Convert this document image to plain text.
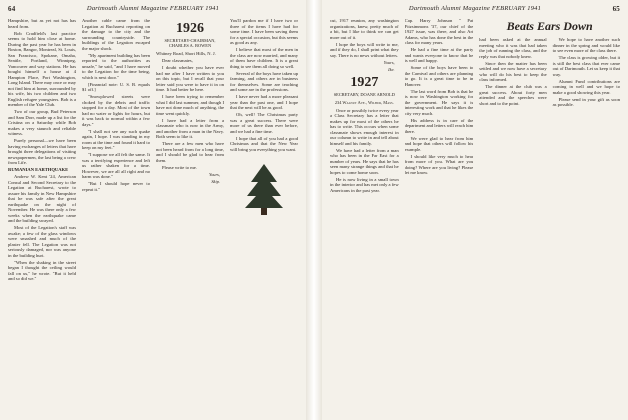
64	Dartmouth Alumni Magazine FEBRUARY 1941

Hampshire, but as yet not has has heard from.

Bob Cradfield's last practice seems to hold him close at home. During the past year he has been in Boston, Bangor, Montreal, St. Louis, San Francisco, Spokane, Omaha, Seattle, Portland, Winnipeg, Vancouver and way stations. He has bought himself a house at 4 Hampton Place, Port Washington, Long Island. There may once or may not find him at home, surrounded by his wife, his two children and two English refugee youngsters. Bob is a member of the Yale Club.

Two of our group, Bud Peterson and Sam Dorr, made up a list for the Cristina on a Saturday while Bob makes a very staunch and reliable witness.

Purely personal—we have been having exchanges of letters that have brought three delegations of visiting newspapermen, the last being a crew from Life.

RUMANIAN EARTHQUAKE

Andrew W. Kent '24, American Consul and Second Secretary to the Legation at Bucharest, wrote to assure his family in New Hampshire that he was safe after the great earthquake on the night of November. He was there only a few weeks when the earthquake came and the building swayed.

Most of the Legation's staff was awake; a few of the glass windows were smashed and much of the plaster fell. The Legation was not seriously damaged, nor was anyone in the building hurt.

"When the shaking in the street began I thought the ceiling would fall on us," he wrote. "But it held and so did we."

Another cable came from the Legation at Bucharest reporting on the damage to the city and the surrounding countryside. The buildings of the Legation escaped the major shock.

"My apartment building has been reported to the authorities as unsafe," he said, "and I have moved to the Legation for the time being, which is next door."

[Financial note: U. S. B. equals $1 off.]

"Snowplowed streets were choked by the debris and traffic stopped for a day. Most of the town had no water or lights for hours, but it was back to normal within a few days."

"I shall not see any such quake again, I hope. I was standing in my room at the time and found it hard to keep on my feet."

"I suppose we all felt the same. It was a terrifying experience and left us rather shaken for a time. However, we are all all right and no harm was done."

"But I should hope never to repeat it."

1926
SECRETARY-CHAIRMAN, CHARLES A. BOWEN

Whitney Road, Short Hills, N. J.

Dear classmates,

I doubt whether you have ever had me after I have written to you on this topic, but I recall that your letter said you were to have it in on time. It had better be here.

I have been trying to remember what I did last summer, and though I have not done much of anything, the time went quickly.

I have had a letter from a classmate who is now in the Army, and another from a man in the Navy. Both seem to like it.

There are a few men who have not been heard from for a long time, and I should be glad to hear from them.

Please write to me.

Yours,
Skip.

You'll pardon me if I have two or three of the items I have had for some time. I have been saving them for a special occasion, but this seems as good as any.

I believe that most of the men in the class are now married, and many of them have children. It is a great thing to see them all doing so well.

Several of the boys have taken up farming, and others are in business for themselves. Some are teaching and some are in the professions.

I have never had a more pleasant year than the past one, and I hope that the next will be as good.

Oh, well! The Christmas party was a great success. There were more of us there than ever before, and we had a fine time.

I hope that all of you had a good Christmas and that the New Year will bring you everything you want.

Dartmouth Alumni Magazine FEBRUARY 1941	65

cut, 1917 reunion, any washington organizations, knew, pretty much of a bit, but I like to think we can get more out of it.

I hope the boys will write to me, and if they do, I shall print what they say. There is no news without letters.

Yours,
Ike.
1927
SECRETARY, DOANE ARNOLD
234 Walnut Ave., Wilbur, Mass.

Once or possibly twice every year a Class Secretary has a letter that makes up for most of the others he has to write. This occurs when some classmate shows enough interest in our column to write in and tell about himself and his family.

We have had a letter from a man who has been in the Far East for a number of years. He says that he has seen many strange things and that he hopes to come home soon.

He is now living in a small town in the interior and has met only a few Americans in the past year.

Cap. Harry Johnson '' Pat Fitzsimmons '37, our chief of the 1927 issue, was there, and also Art Adams, who has done the best in the class for many years.

He had a fine time at the party and wants everyone to know that he is well and happy.

Some of the boys have been to the Carnival and others are planning to go. It is a great time to be in Hanover.

The last word from Bob is that he is now in Washington working for the government. He says it is interesting work and that he likes the city very much.

His address is in care of the department and letters will reach him there.

We were glad to hear from him and hope that others will follow his example.

I should like very much to hear from more of you. What are you doing? Where are you living? Please let me know.

Beats Ears Down

had been asked at the annual meeting who it was that had taken the job of running the class, and the reply was that nobody knew.

Since then the matter has been settled and we now have a secretary who will do his best to keep the class informed.

The dinner at the club was a great success. About forty men attended and the speeches were short and to the point.

We hope to have another such dinner in the spring and would like to see even more of the class there.

The class is growing older, but it is still the best class that ever came out of Dartmouth. Let us keep it that way.

Alumni Fund contributions are coming in well and we hope to make a good showing this year.

Please send in your gift as soon as possible.
